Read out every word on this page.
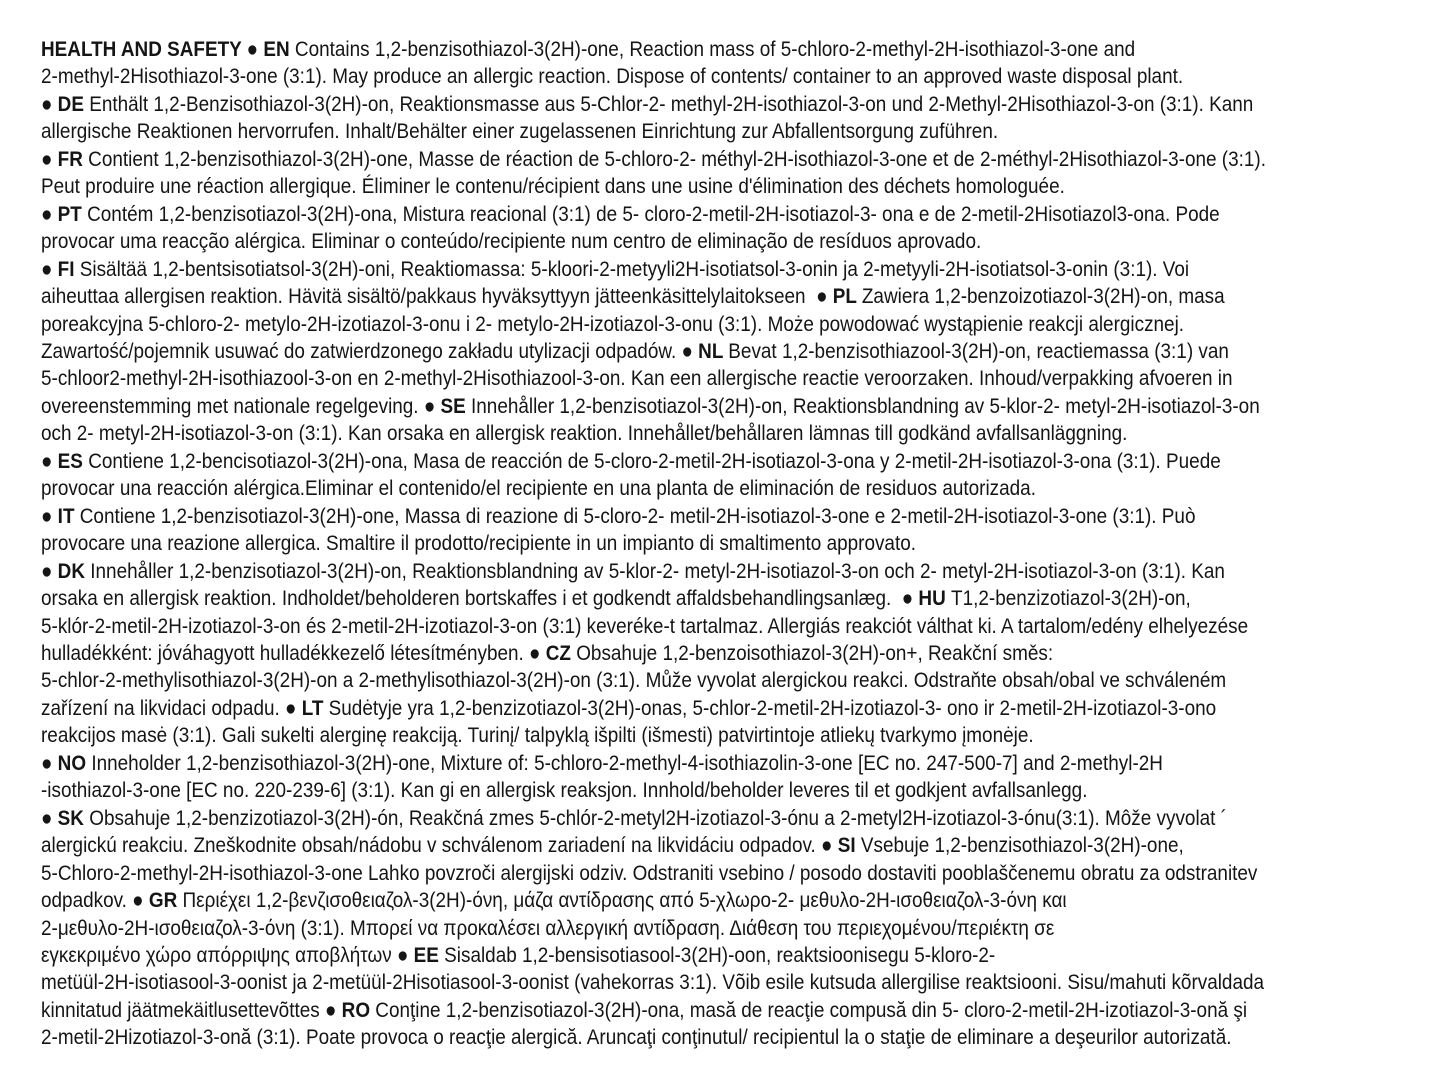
HEALTH AND SAFETY ● EN Contains 1,2-benzisothiazol-3(2H)-one, Reaction mass of 5-chloro-2-methyl-2H-isothiazol-3-one and
2-methyl-2Hisothiazol-3-one (3:1). May produce an allergic reaction. Dispose of contents/ container to an approved waste disposal plant.
● DE Enthält 1,2-Benzisothiazol-3(2H)-on, Reaktionsmasse aus 5-Chlor-2- methyl-2H-isothiazol-3-on und 2-Methyl-2Hisothiazol-3-on (3:1). Kann
allergische Reaktionen hervorrufen. Inhalt/Behälter einer zugelassenen Einrichtung zur Abfallentsorgung zuführen.
● FR Contient 1,2-benzisothiazol-3(2H)-one, Masse de réaction de 5-chloro-2- méthyl-2H-isothiazol-3-one et de 2-méthyl-2Hisothiazol-3-one (3:1).
Peut produire une réaction allergique. Éliminer le contenu/récipient dans une usine d'élimination des déchets homologuée.
● PT Contém 1,2-benzisotiazol-3(2H)-ona, Mistura reacional (3:1) de 5- cloro-2-metil-2H-isotiazol-3- ona e de 2-metil-2Hisotiazol3-ona. Pode
provocar uma reacção alérgica. Eliminar o conteúdo/recipiente num centro de eliminação de resíduos aprovado.
● FI Sisältää 1,2-bentsisotiatsol-3(2H)-oni, Reaktiomassa: 5-kloori-2-metyyli2H-isotiatsol-3-onin ja 2-metyyli-2H-isotiatsol-3-onin (3:1). Voi
aiheuttaa allergisen reaktion. Hävitä sisältö/pakkaus hyväksyttyyn jätteenkäsittelylaitokseen  ● PL Zawiera 1,2-benzoizotiazol-3(2H)-on, masa
poreakcyjna 5-chloro-2- metylo-2H-izotiazol-3-onu i 2- metylo-2H-izotiazol-3-onu (3:1). Może powodować wystąpienie reakcji alergicznej.
Zawartość/pojemnik usuwać do zatwierdzonego zakładu utylizacji odpadów. ● NL Bevat 1,2-benzisothiazool-3(2H)-on, reactiemassa (3:1) van
5-chloor2-methyl-2H-isothiazool-3-on en 2-methyl-2Hisothiazool-3-on. Kan een allergische reactie veroorzaken. Inhoud/verpakking afvoeren in
overeenstemming met nationale regelgeving. ● SE Innehåller 1,2-benzisotiazol-3(2H)-on, Reaktionsblandning av 5-klor-2- metyl-2H-isotiazol-3-on
och 2- metyl-2H-isotiazol-3-on (3:1). Kan orsaka en allergisk reaktion. Innehållet/behållaren lämnas till godkänd avfallsanläggning.
● ES Contiene 1,2-bencisotiazol-3(2H)-ona, Masa de reacción de 5-cloro-2-metil-2H-isotiazol-3-ona y 2-metil-2H-isotiazol-3-ona (3:1). Puede
provocar una reacción alérgica.Eliminar el contenido/el recipiente en una planta de eliminación de residuos autorizada.
● IT Contiene 1,2-benzisotiazol-3(2H)-one, Massa di reazione di 5-cloro-2- metil-2H-isotiazol-3-one e 2-metil-2H-isotiazol-3-one (3:1). Può
provocare una reazione allergica. Smaltire il prodotto/recipiente in un impianto di smaltimento approvato.
● DK Innehåller 1,2-benzisotiazol-3(2H)-on, Reaktionsblandning av 5-klor-2- metyl-2H-isotiazol-3-on och 2- metyl-2H-isotiazol-3-on (3:1). Kan
orsaka en allergisk reaktion. Indholdet/beholderen bortskaffes i et godkendt affaldsbehandlingsanlæg.  ● HU T1,2-benzizotiazol-3(2H)-on,
5-klór-2-metil-2H-izotiazol-3-on és 2-metil-2H-izotiazol-3-on (3:1) keveréke-t tartalmaz. Allergiás reakciót válthat ki. A tartalom/edény elhelyezése
hulladékként: jóváhagyott hulladékkezelő létesítményben. ● CZ Obsahuje 1,2-benzoisothiazol-3(2H)-on+, Reakční směs:
5-chlor-2-methylisothiazol-3(2H)-on a 2-methylisothiazol-3(2H)-on (3:1). Může vyvolat alergickou reakci. Odstraňte obsah/obal ve schváleném
zařízení na likvidaci odpadu. ● LT Sudėtyje yra 1,2-benzizotiazol-3(2H)-onas, 5-chlor-2-metil-2H-izotiazol-3- ono ir 2-metil-2H-izotiazol-3-ono
reakcijos masė (3:1). Gali sukelti alerginę reakciją. Turinį/ talpyklą išpilti (išmesti) patvirtintoje atliekų tvarkymo įmonėje.
● NO Inneholder 1,2-benzisothiazol-3(2H)-one, Mixture of: 5-chloro-2-methyl-4-isothiazolin-3-one [EC no. 247-500-7] and 2-methyl-2H
-isothiazol-3-one [EC no. 220-239-6] (3:1). Kan gi en allergisk reaksjon. Innhold/beholder leveres til et godkjent avfallsanlegg.
● SK Obsahuje 1,2-benzizotiazol-3(2H)-ón, Reakčná zmes 5-chlór-2-metyl2H-izotiazol-3-ónu a 2-metyl2H-izotiazol-3-ónu(3:1). Môže vyvolat ´
alergickú reakciu. Zneškodnite obsah/nádobu v schválenom zariadení na likvidáciu odpadov. ● SI Vsebuje 1,2-benzisothiazol-3(2H)-one,
5-Chloro-2-methyl-2H-isothiazol-3-one Lahko povzroči alergijski odziv. Odstraniti vsebino / posodo dostaviti pooblaščenemu obratu za odstranitev
odpadkov. ● GR Περιέχει 1,2-βενζισοθειαζολ-3(2H)-όνη, μάζα αντίδρασης από 5-χλωρο-2- μεθυλο-2H-ισοθειαζολ-3-όνη και
2-μεθυλο-2H-ισοθειαζολ-3-όνη (3:1). Μπορεί να προκαλέσει αλλεργική αντίδραση. Διάθεση του περιεχομένου/περιέκτη σε
εγκεκριμένο χώρο απόρριψης αποβλήτων ● EE Sisaldab 1,2-bensisotiasool-3(2H)-oon, reaktsioonisegu 5-kloro-2-
metüül-2H-isotiasool-3-oonist ja 2-metüül-2Hisotiasool-3-oonist (vahekorras 3:1). Võib esile kutsuda allergilise reaktsiooni. Sisu/mahuti kõrvaldada
kinnitatud jäätmekäitlusettevõttes ● RO Conţine 1,2-benzisotiazol-3(2H)-ona, masă de reacţie compusă din 5- cloro-2-metil-2H-izotiazol-3-onă şi
2-metil-2Hizotiazol-3-onă (3:1). Poate provoca o reacţie alergică. Aruncaţi conţinutul/ recipientul la o staţie de eliminare a deşeurilor autorizată.
